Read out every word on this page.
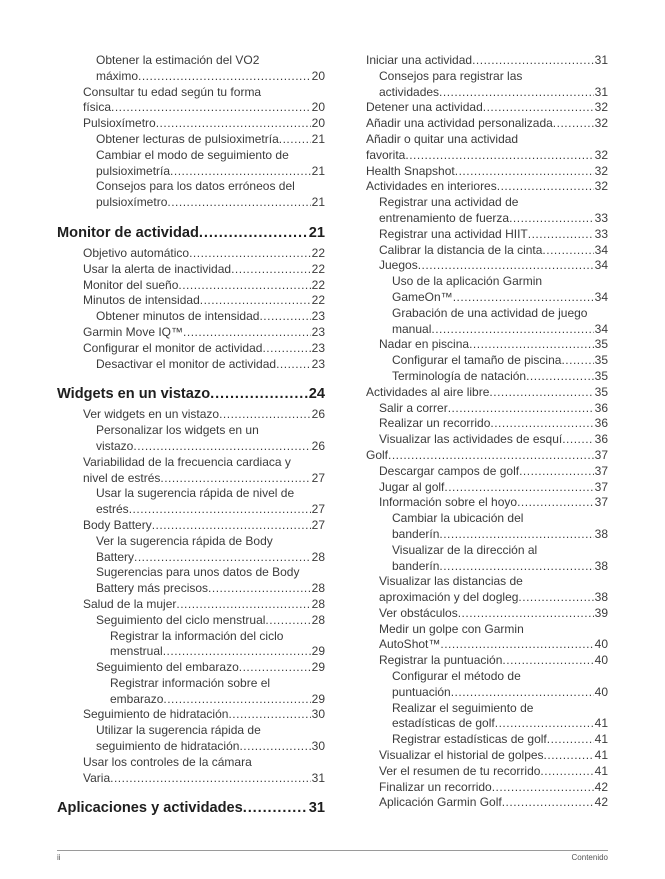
Obtener la estimación del VO2
máximo .....	20
Consultar tu edad según tu forma
física .....	20
Pulsioxímetro .....	20
Obtener lecturas de pulsioximetría .....	21
Cambiar el modo de seguimiento de
pulsioximetría .....	21
Consejos para los datos erróneos del
pulsioxímetro .....	21
Monitor de actividad .....	21
Objetivo automático .....	22
Usar la alerta de inactividad .....	22
Monitor del sueño .....	22
Minutos de intensidad .....	22
Obtener minutos de intensidad .....	23
Garmin Move IQ™ .....	23
Configurar el monitor de actividad .....	23
Desactivar el monitor de actividad .....	23
Widgets en un vistazo .....	24
Ver widgets en un vistazo .....	26
Personalizar los widgets en un
vistazo .....	26
Variabilidad de la frecuencia cardiaca y
nivel de estrés .....	27
Usar la sugerencia rápida de nivel de
estrés .....	27
Body Battery .....	27
Ver la sugerencia rápida de Body
Battery .....	28
Sugerencias para unos datos de Body
Battery más precisos .....	28
Salud de la mujer .....	28
Seguimiento del ciclo menstrual .....	28
Registrar la información del ciclo
menstrual .....	29
Seguimiento del embarazo .....	29
Registrar información sobre el
embarazo .....	29
Seguimiento de hidratación .....	30
Utilizar la sugerencia rápida de
seguimiento de hidratación .....	30
Usar los controles de la cámara
Varia .....	31
Aplicaciones y actividades .....	31
Iniciar una actividad .....	31
Consejos para registrar las
actividades .....	31
Detener una actividad .....	32
Añadir una actividad personalizada .....	32
Añadir o quitar una actividad
favorita .....	32
Health Snapshot .....	32
Actividades en interiores .....	32
Registrar una actividad de
entrenamiento de fuerza .....	33
Registrar una actividad HIIT .....	33
Calibrar la distancia de la cinta .....	34
Juegos .....	34
Uso de la aplicación Garmin
GameOn™ .....	34
Grabación de una actividad de juego
manual .....	34
Nadar en piscina .....	35
Configurar el tamaño de piscina .....	35
Terminología de natación .....	35
Actividades al aire libre .....	35
Salir a correr .....	36
Realizar un recorrido .....	36
Visualizar las actividades de esquí .....	36
Golf .....	37
Descargar campos de golf .....	37
Jugar al golf .....	37
Información sobre el hoyo .....	37
Cambiar la ubicación del
banderín .....	38
Visualizar de la dirección al
banderín .....	38
Visualizar las distancias de
aproximación y del dogleg .....	38
Ver obstáculos .....	39
Medir un golpe con Garmin
AutoShot™ .....	40
Registrar la puntuación .....	40
Configurar el método de
puntuación .....	40
Realizar el seguimiento de
estadísticas de golf .....	41
Registrar estadísticas de golf .....	41
Visualizar el historial de golpes .....	41
Ver el resumen de tu recorrido .....	41
Finalizar un recorrido .....	42
Aplicación Garmin Golf .....	42
ii	Contenido
